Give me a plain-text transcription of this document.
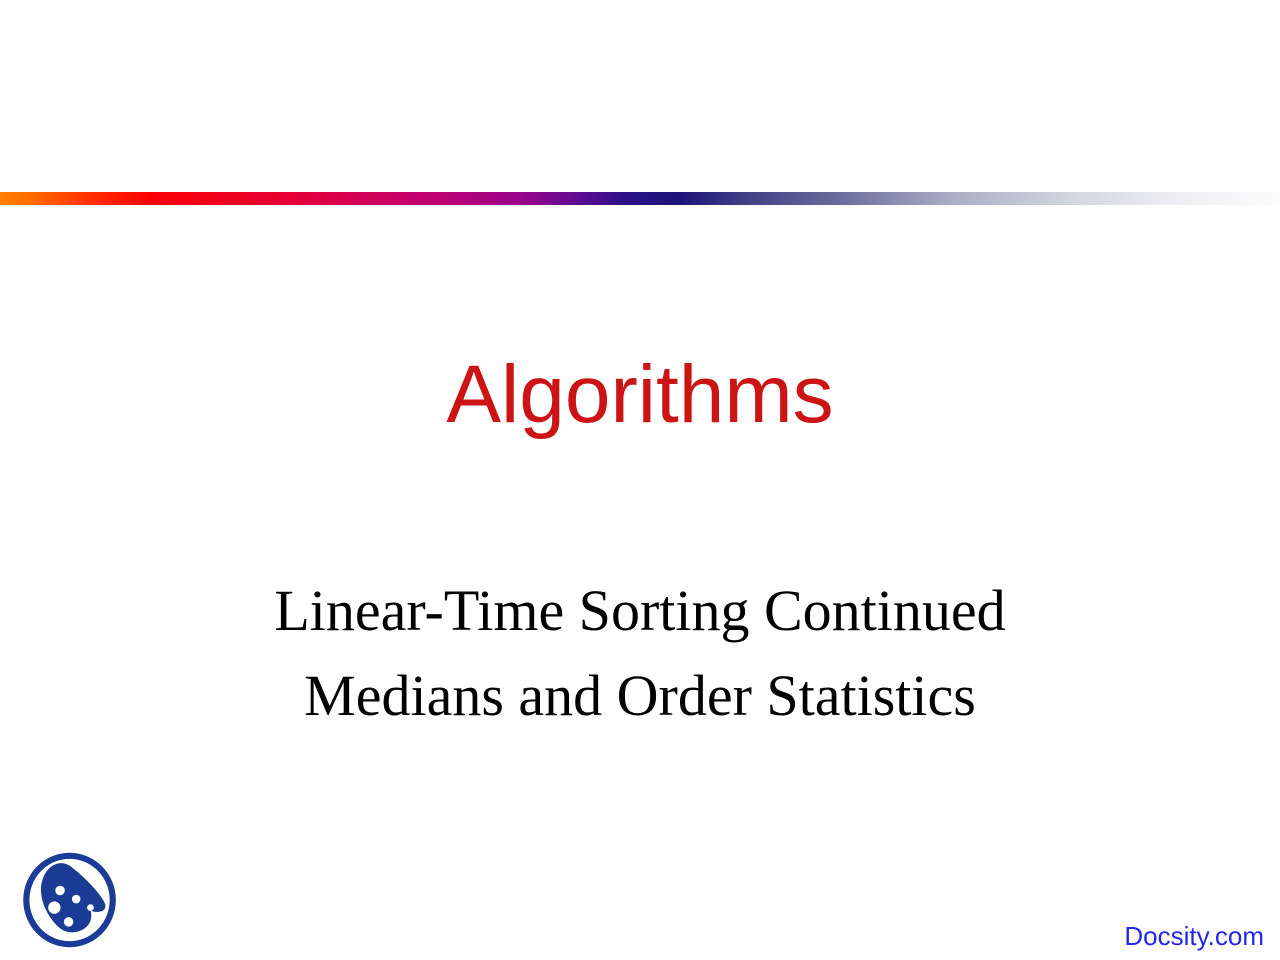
Algorithms
Linear-Time Sorting Continued
Medians and Order Statistics
Docsity.com
